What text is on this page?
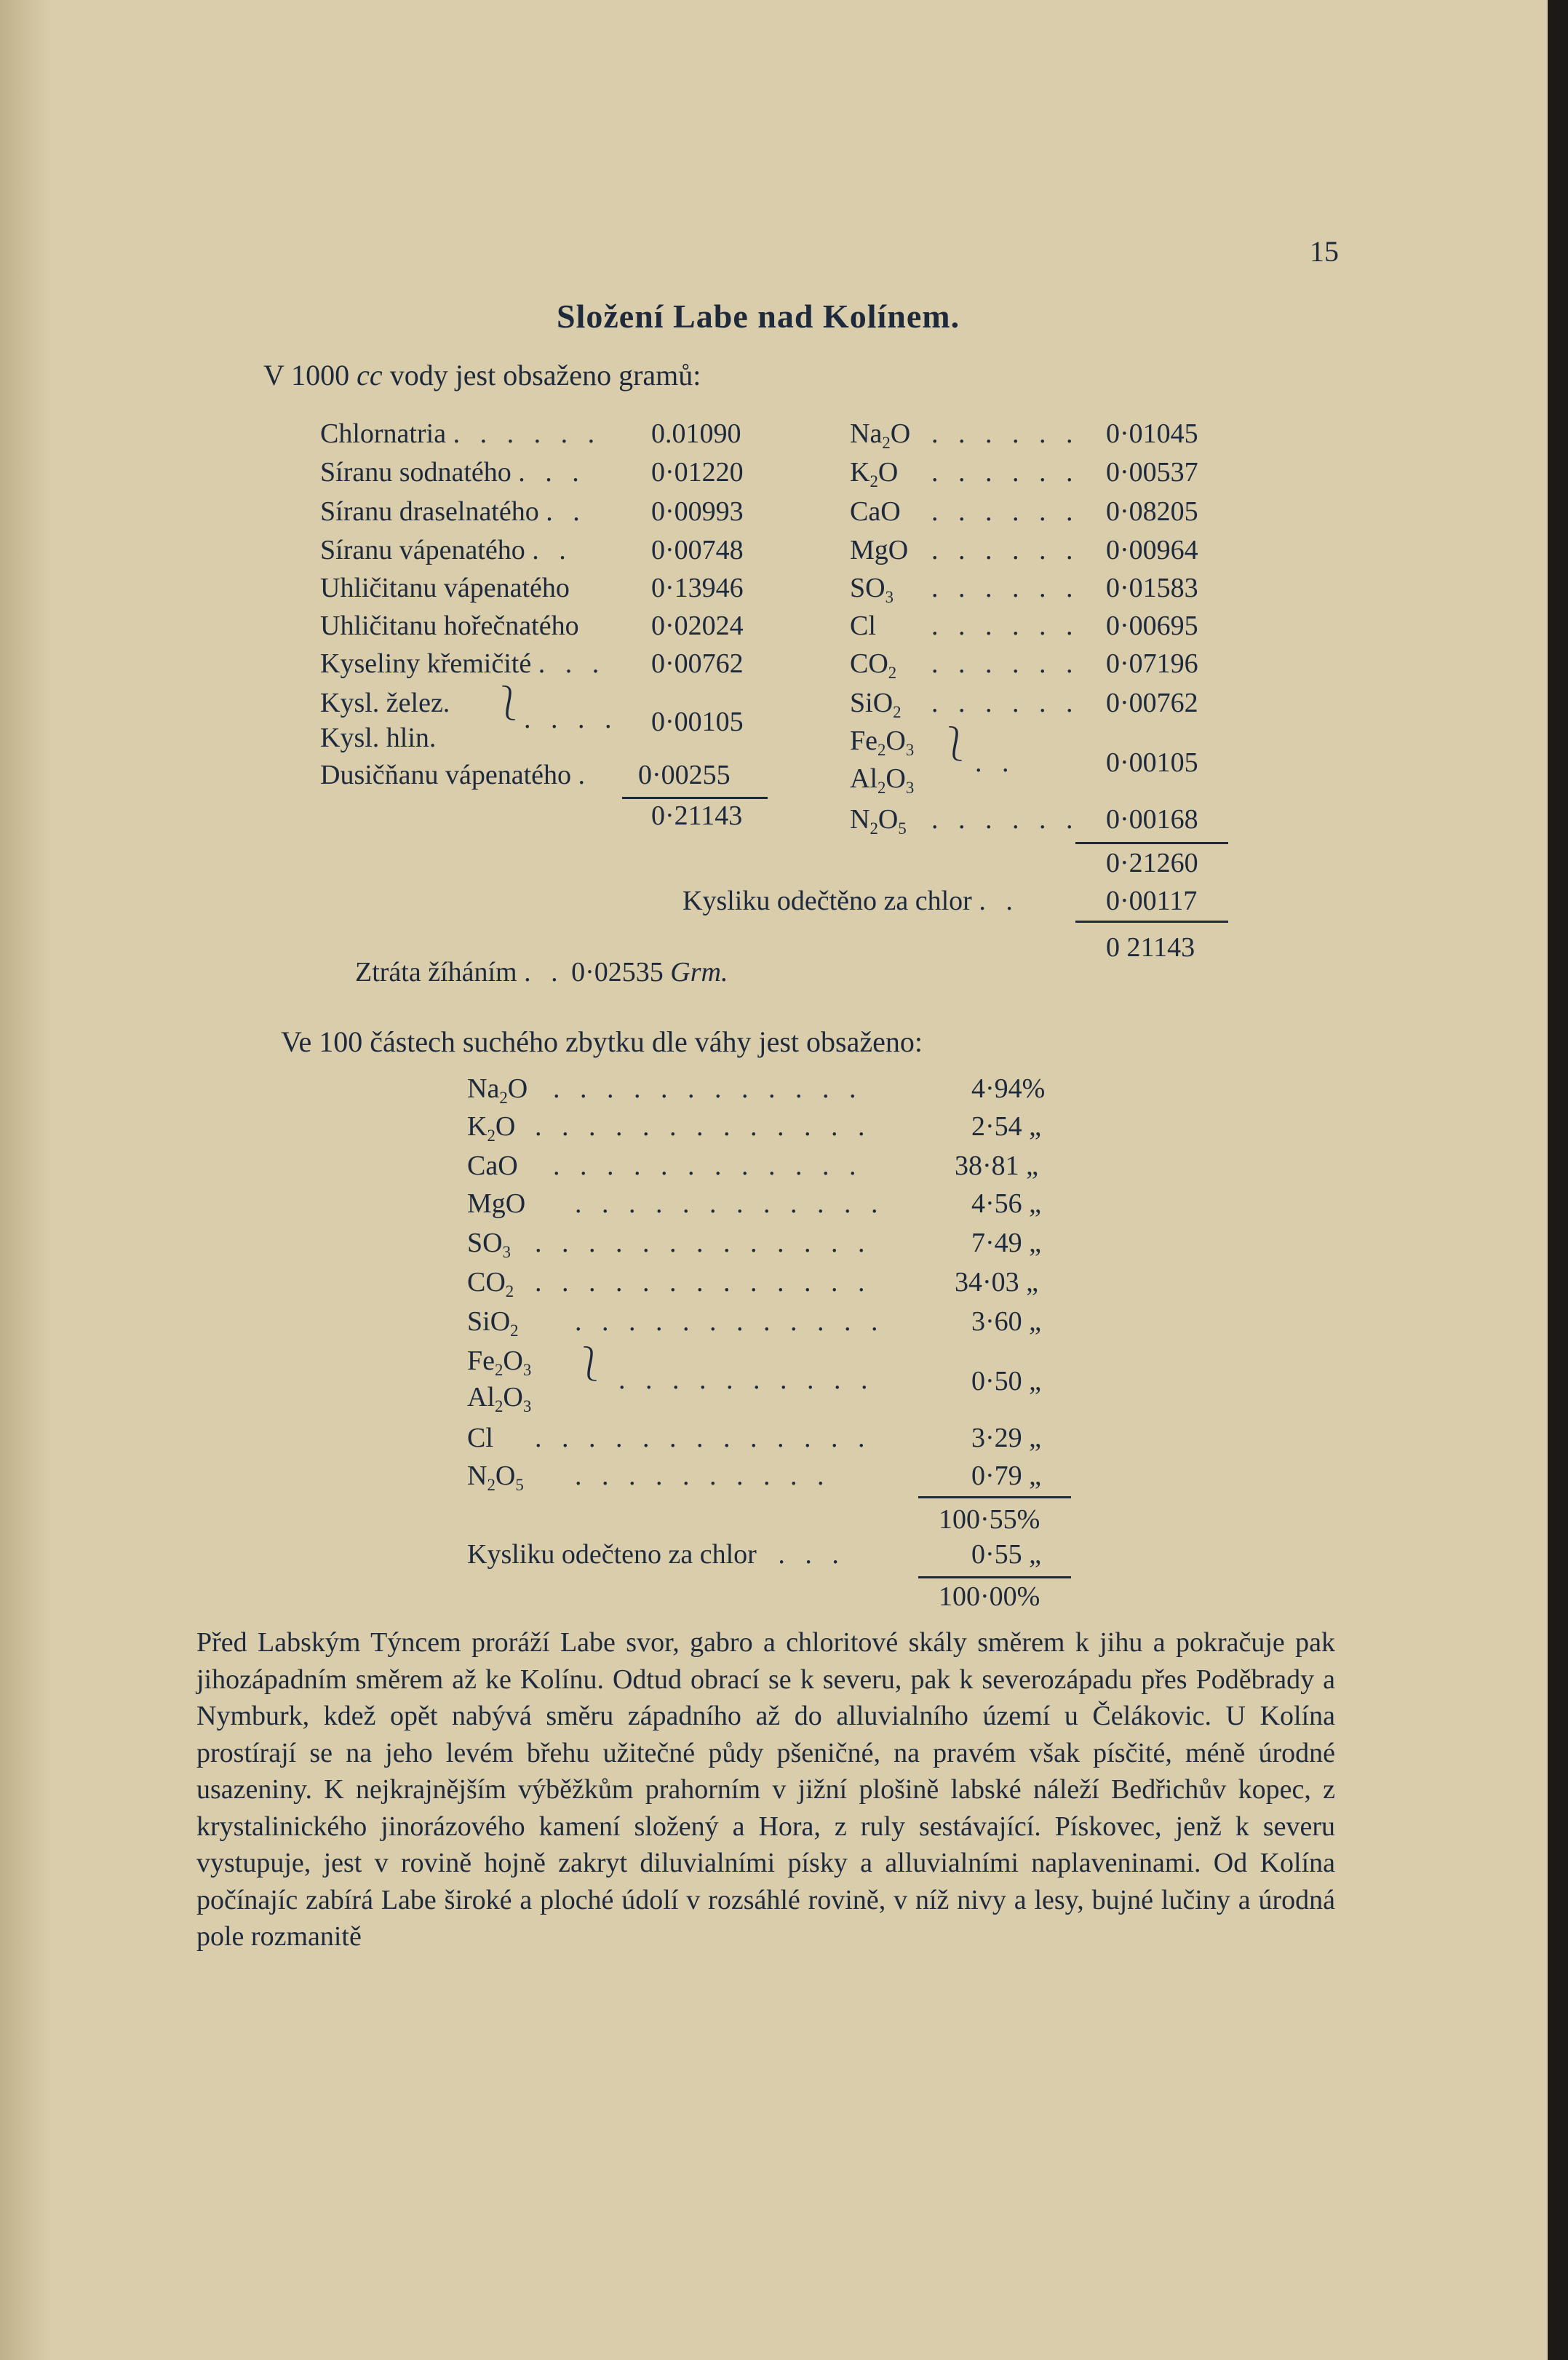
15
Složení Labe nad Kolínem.
V 1000 cc vody jest obsaženo gramů:
Chlornatria . . . . . . 0.01090
Síranu sodnatého . . . 0·01220
Síranu draselnatého . . 0·00993
Síranu vápenatého . .	0·00748
Uhličitanu vápenatého	0·13946
Uhličitanu hořečnatého	0·02024
Kyseliny křemičité . . . 0·00762
Kysl. želez.
Kysl. hlin.
⎱
. . . . 0·00105
Dusičňanu vápenatého . 0·00255
0·21143
$Na_2O$ . . . . . . 0·01045
$K_2O$ . . . . . . 0·00537
CaO . . . . . . 0·08205
MgO . . . . . . 0·00964
$SO_3$ . . . . . . 0·01583
Cl . . . . . . 0·00695
$CO_2$ . . . . . . 0·07196
SiO$_2$ . . . . . . 0·00762
$Fe_2O_3$
$Al_2O_3$
⎱ . .	0·00105
$N_2O_5$ . . . . . . 0·00168
0·21260
Kysliku odečtěno za chlor . .	0·00117
0 21143
Ztráta žíháním . . 0·02535 Grm.
Ve 100 částech suchého zbytku dle váhy jest obsaženo:
$Na_2O$ . . . . . . . . . . . .	4·94%
$K_2O$ . . . . . . . . . . . . .	2·54 „
CaO . . . . . . . . . . . .	38·81 „
MgO . . . . . . . . . . . .	4·56 „
$SO_3$ . . . . . . . . . . . . .	7·49 „
$CO_2$ . . . . . . . . . . . . .	34·03 „
SiO$_2$ . . . . . . . . . . . .	3·60 „
$Fe_2O_3$
$Al_2O_3$
⎱ . . . . . . . . . .	0·50 „
Cl . . . . . . . . . . . . .	3·29 „
$N_2O_5$ . . . . . . . . . .	0·79 „
100·55%
Kysliku odečteno za chlor . . .	0·55 „
100·00%

Před Labským Týncem proráží Labe svor, gabro a chloritové skály směrem k jihu a pokračuje pak jihozápadním směrem až ke Kolínu. Odtud obrací se k severu, pak k severozápadu přes Poděbrady a Nymburk, kdež opět nabývá směru západního až do alluvialního území u Čelákovic. U Kolína prostírají se na jeho levém břehu užitečné půdy pšeničné, na pravém však písčité, méně úrodné usazeniny. K nejkrajnějším výběžkům prahorním v jižní plošině labské náleží Bedřichův kopec, z krystalinického jinorázového kamení složený a Hora, z ruly sestávající. Pískovec, jenž k severu vystupuje, jest v rovině hojně zakryt diluvialními písky a alluvialními naplaveninami. Od Kolína počínajíc zabírá Labe široké a ploché údolí v rozsáhlé rovině, v níž nivy a lesy, bujné lučiny a úrodná pole rozmanitě
